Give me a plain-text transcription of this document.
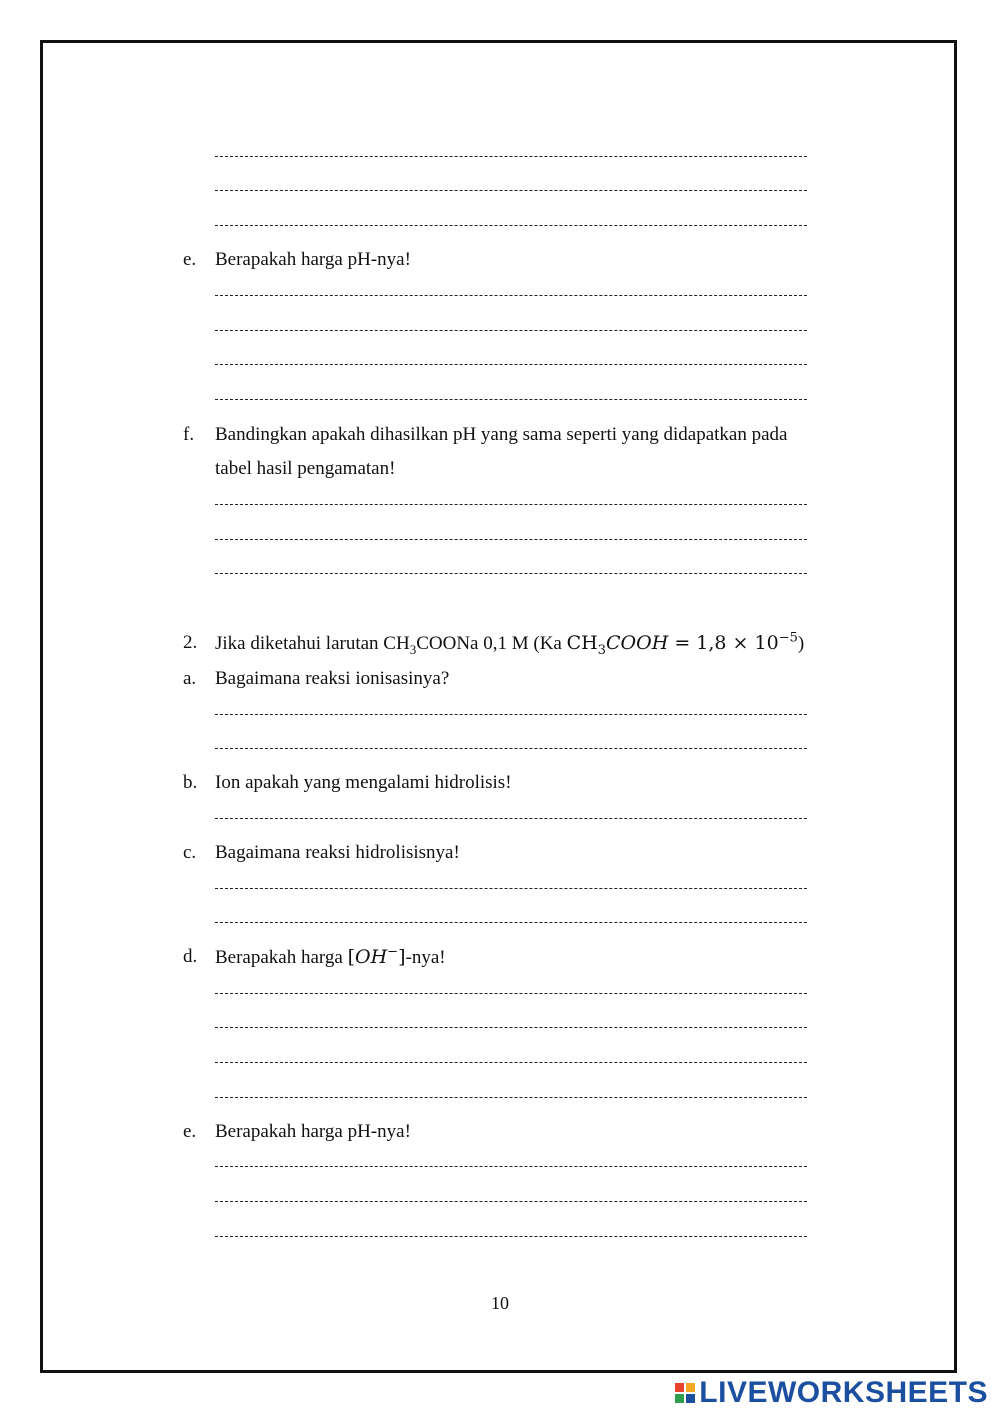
e. Berapakah harga pH-nya!
f. Bandingkan apakah dihasilkan pH yang sama seperti yang didapatkan pada
tabel hasil pengamatan!
2. Jika diketahui larutan $CH_3COONa$ 0,1 M (Ka $CH_3COOH = 1,8 \times 10^{-5}$)
a. Bagaimana reaksi ionisasinya?
b. Ion apakah yang mengalami hidrolisis!
c. Bagaimana reaksi hidrolisisnya!
d. Berapakah harga [OH−]-nya!
e. Berapakah harga pH-nya!
10
LIVEWORKSHEETS
